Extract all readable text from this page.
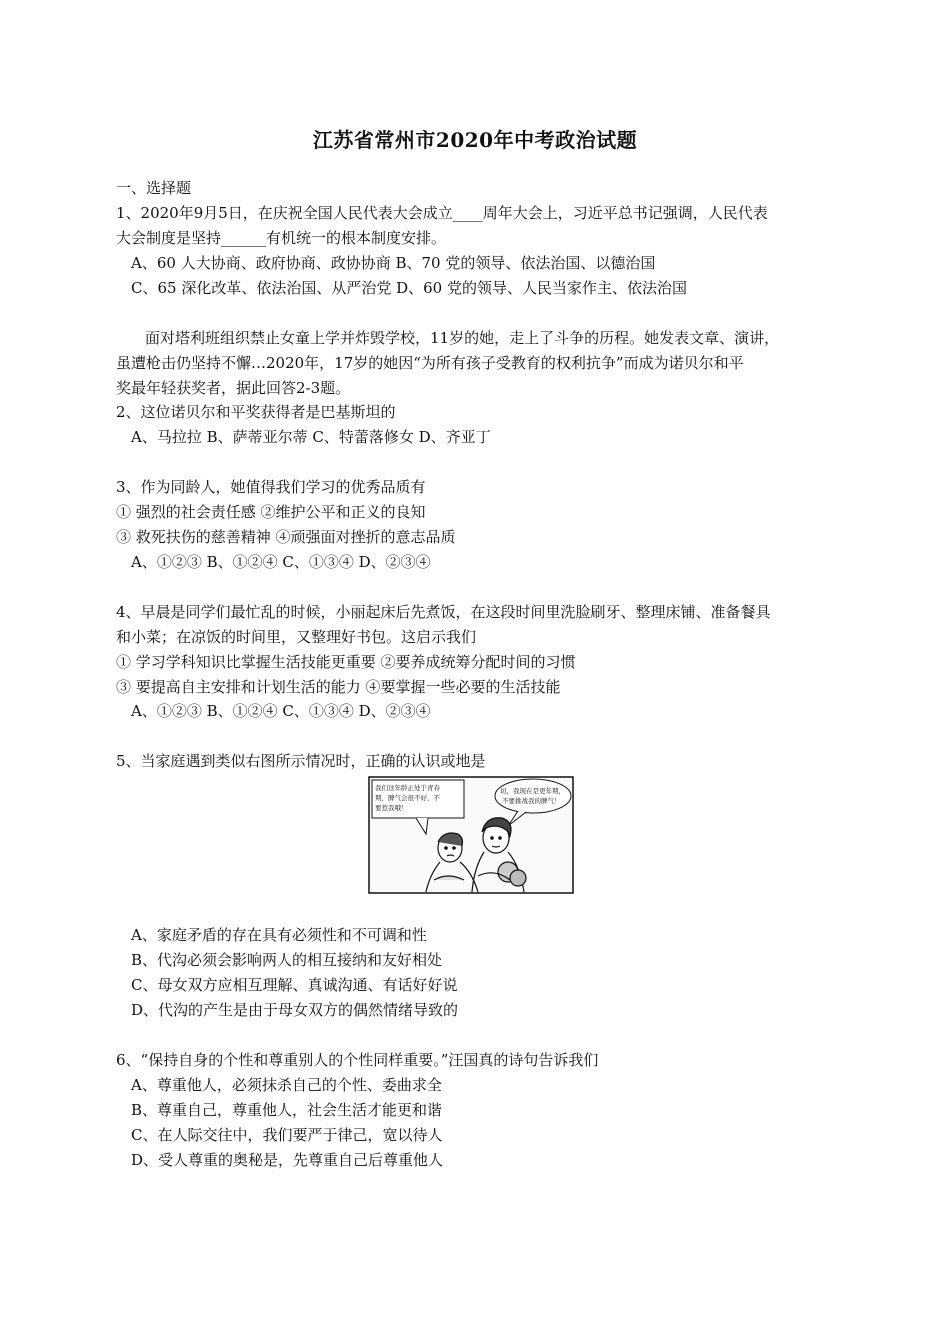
江苏省常州市2020年中考政治试题
一、选择题
1、2020年9月5日，在庆祝全国人民代表大会成立____周年大会上，习近平总书记强调，人民代表
大会制度是坚持______有机统一的根本制度安排。
A、60 人大协商、政府协商、政协协商 B、70 党的领导、依法治国、以德治国
C、65 深化改革、依法治国、从严治党 D、60 党的领导、人民当家作主、依法治国
面对塔利班组织禁止女童上学并炸毁学校，11岁的她，走上了斗争的历程。她发表文章、演讲，
虽遭枪击仍坚持不懈…2020年，17岁的她因“为所有孩子受教育的权利抗争”而成为诺贝尔和平
奖最年轻获奖者，据此回答2-3题。
2、这位诺贝尔和平奖获得者是巴基斯坦的
A、马拉拉 B、萨蒂亚尔蒂 C、特蕾落修女 D、齐亚丁
3、作为同龄人，她值得我们学习的优秀品质有
① 强烈的社会责任感 ②维护公平和正义的良知
③ 救死扶伤的慈善精神 ④顽强面对挫折的意志品质
A、①②③ B、①②④ C、①③④ D、②③④
4、早晨是同学们最忙乱的时候，小丽起床后先煮饭，在这段时间里洗脸刷牙、整理床铺、准备餐具
和小菜；在凉饭的时间里，又整理好书包。这启示我们
① 学习学科知识比掌握生活技能更重要 ②要养成统筹分配时间的习惯
③ 要提高自主安排和计划生活的能力 ④要掌握一些必要的生活技能
A、①②③ B、①②④ C、①③④ D、②③④
5、当家庭遇到类似右图所示情况时，正确的认识或地是
我们这年龄正处于青春
期，脾气会很不好，不
要惹我哦！
切，我现在是更年期，
不要挑战我的脾气！
A、家庭矛盾的存在具有必须性和不可调和性
B、代沟必须会影响两人的相互接纳和友好相处
C、母女双方应相互理解、真诚沟通、有话好好说
D、代沟的产生是由于母女双方的偶然情绪导致的
6、“保持自身的个性和尊重别人的个性同样重要。”汪国真的诗句告诉我们
A、尊重他人，必须抹杀自己的个性、委曲求全
B、尊重自己，尊重他人，社会生活才能更和谐
C、在人际交往中，我们要严于律己，宽以待人
D、受人尊重的奥秘是，先尊重自己后尊重他人
